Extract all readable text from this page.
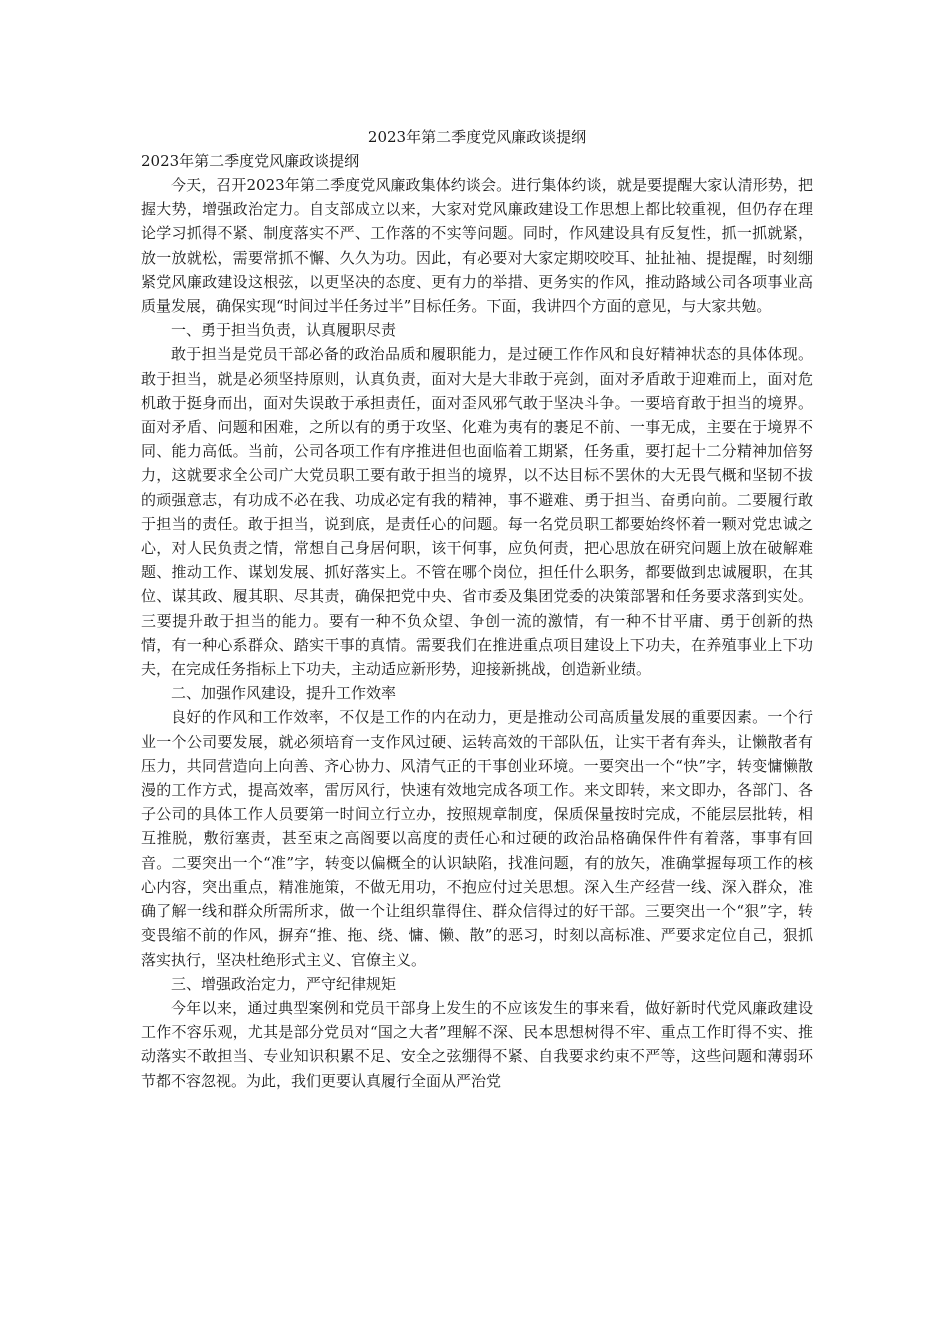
2023年第二季度党风廉政谈提纲

2023年第二季度党风廉政谈提纲

今天，召开2023年第二季度党风廉政集体约谈会。进行集体约谈，就是要提醒大家认清形势，把握大势，增强政治定力。自支部成立以来，大家对党风廉政建设工作思想上都比较重视，但仍存在理论学习抓得不紧、制度落实不严、工作落的不实等问题。同时，作风建设具有反复性，抓一抓就紧，放一放就松，需要常抓不懈、久久为功。因此，有必要对大家定期咬咬耳、扯扯袖、提提醒，时刻绷紧党风廉政建设这根弦，以更坚决的态度、更有力的举措、更务实的作风，推动路域公司各项事业高质量发展，确保实现“时间过半任务过半”目标任务。下面，我讲四个方面的意见，与大家共勉。

一、勇于担当负责，认真履职尽责

敢于担当是党员干部必备的政治品质和履职能力，是过硬工作作风和良好精神状态的具体体现。敢于担当，就是必须坚持原则，认真负责，面对大是大非敢于亮剑，面对矛盾敢于迎难而上，面对危机敢于挺身而出，面对失误敢于承担责任，面对歪风邪气敢于坚决斗争。一要培育敢于担当的境界。面对矛盾、问题和困难，之所以有的勇于攻坚、化难为夷有的裹足不前、一事无成，主要在于境界不同、能力高低。当前，公司各项工作有序推进但也面临着工期紧，任务重，要打起十二分精神加倍努力，这就要求全公司广大党员职工要有敢于担当的境界，以不达目标不罢休的大无畏气概和坚韧不拔的顽强意志，有功成不必在我、功成必定有我的精神，事不避难、勇于担当、奋勇向前。二要履行敢于担当的责任。敢于担当，说到底，是责任心的问题。每一名党员职工都要始终怀着一颗对党忠诚之心，对人民负责之情，常想自己身居何职，该干何事，应负何责，把心思放在研究问题上放在破解难题、推动工作、谋划发展、抓好落实上。不管在哪个岗位，担任什么职务，都要做到忠诚履职，在其位、谋其政、履其职、尽其责，确保把党中央、省市委及集团党委的决策部署和任务要求落到实处。三要提升敢于担当的能力。要有一种不负众望、争创一流的激情，有一种不甘平庸、勇于创新的热情，有一种心系群众、踏实干事的真情。需要我们在推进重点项目建设上下功夫，在养殖事业上下功夫，在完成任务指标上下功夫，主动适应新形势，迎接新挑战，创造新业绩。

二、加强作风建设，提升工作效率

良好的作风和工作效率，不仅是工作的内在动力，更是推动公司高质量发展的重要因素。一个行业一个公司要发展，就必须培育一支作风过硬、运转高效的干部队伍，让实干者有奔头，让懒散者有压力，共同营造向上向善、齐心协力、风清气正的干事创业环境。一要突出一个“快”字，转变慵懒散漫的工作方式，提高效率，雷厉风行，快速有效地完成各项工作。来文即转，来文即办，各部门、各子公司的具体工作人员要第一时间立行立办，按照规章制度，保质保量按时完成，不能层层批转，相互推脱，敷衍塞责，甚至束之高阁要以高度的责任心和过硬的政治品格确保件件有着落，事事有回音。二要突出一个“准”字，转变以偏概全的认识缺陷，找准问题，有的放矢，准确掌握每项工作的核心内容，突出重点，精准施策，不做无用功，不抱应付过关思想。深入生产经营一线、深入群众，准确了解一线和群众所需所求，做一个让组织靠得住、群众信得过的好干部。三要突出一个“狠”字，转变畏缩不前的作风，摒弃“推、拖、绕、慵、懒、散”的恶习，时刻以高标准、严要求定位自己，狠抓落实执行，坚决杜绝形式主义、官僚主义。

三、增强政治定力，严守纪律规矩

今年以来，通过典型案例和党员干部身上发生的不应该发生的事来看，做好新时代党风廉政建设工作不容乐观，尤其是部分党员对“国之大者”理解不深、民本思想树得不牢、重点工作盯得不实、推动落实不敢担当、专业知识积累不足、安全之弦绷得不紧、自我要求约束不严等，这些问题和薄弱环节都不容忽视。为此，我们更要认真履行全面从严治党
